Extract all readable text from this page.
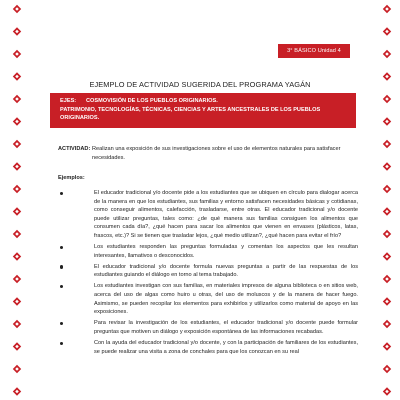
3° BÁSICO Unidad 4
EJEMPLO DE ACTIVIDAD SUGERIDA DEL PROGRAMA YAGÁN
EJES: COSMOVISIÓN DE LOS PUEBLOS ORIGINARIOS.
PATRIMONIO, TECNOLOGÍAS, TÉCNICAS, CIENCIAS Y ARTES ANCESTRALES DE LOS PUEBLOS
ORIGINARIOS.
ACTIVIDAD: Realizan una exposición de sus investigaciones sobre el uso de elementos naturales para satisfacer necesidades.
Ejemplos:
El educador tradicional y/o docente pide a los estudiantes que se ubiquen en círculo para dialogar acerca de la manera en que los estudiantes, sus familias y entorno satisfacen necesidades básicas y cotidianas, como conseguir alimentos, calefacción, trasladarse, entre otras. El educador tradicional y/o docente puede utilizar preguntas, tales como: ¿de qué manera sus familias consiguen los alimentos que consumen cada día?, ¿qué hacen para sacar los alimentos que vienen en envases (plásticos, latas, frascos, etc.)? Si se tienen que trasladar lejos, ¿qué medio utilizan?, ¿qué hacen para evitar el frío?
Los estudiantes responden las preguntas formuladas y comentan los aspectos que les resultan interesantes, llamativos o desconocidos.
El educador tradicional y/o docente formula nuevas preguntas a partir de las respuestas de los estudiantes guiando el diálogo en torno al tema trabajado.
Los estudiantes investigan con sus familias, en materiales impresos de alguna biblioteca o en sitios web, acerca del uso de algas como huiro u otras, del uso de moluscos y de la manera de hacer fuego. Asimismo, se pueden recopilar los elementos para exhibirlos y utilizarlos como material de apoyo en las exposiciones.
Para revisar la investigación de los estudiantes, el educador tradicional y/o docente puede formular preguntas que motiven un diálogo y exposición espontánea de las informaciones recabadas.
Con la ayuda del educador tradicional y/o docente, y con la participación de familiares de los estudiantes, se puede realizar una visita a zona de conchales para que los conozcan en su real
